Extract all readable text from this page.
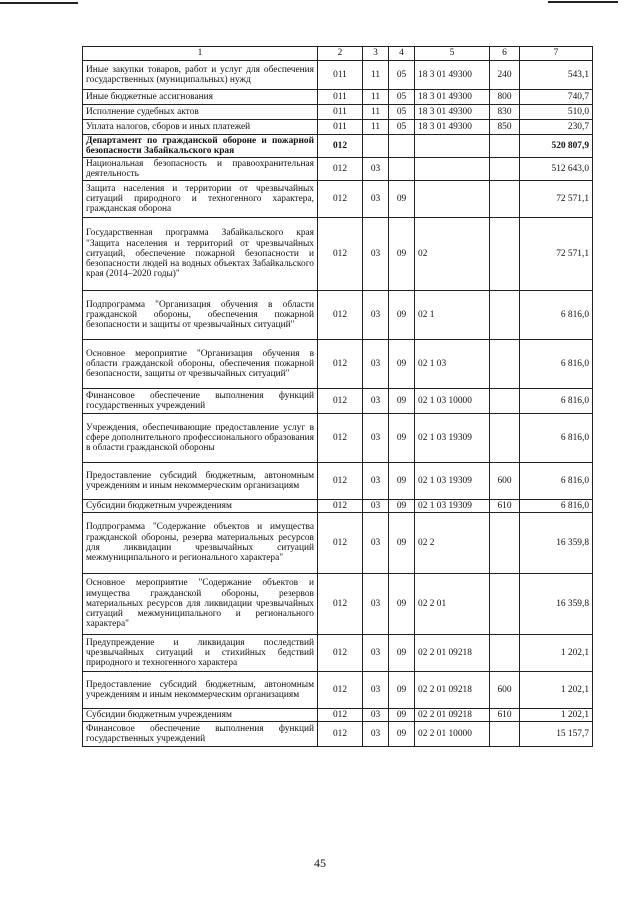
1	2	3	4	5	6	7
Иные закупки товаров, работ и услуг для обеспечения государственных (муниципальных) нужд	011	11	05	18 3 01 49300	240	543,1
Иные бюджетные ассигнования	011	11	05	18 3 01 49300	800	740,7
Исполнение судебных актов	011	11	05	18 3 01 49300	830	510,0
Уплата налогов, сборов и иных платежей	011	11	05	18 3 01 49300	850	230,7
Департамент по гражданской обороне и пожарной безопасности Забайкальского края	012					520 807,9
Национальная безопасность и правоохранительная деятельность	012	03				512 643,0
Защита населения и территории от чрезвычайных ситуаций природного и техногенного характера, гражданская оборона	012	03	09			72 571,1
Государственная программа Забайкальского края "Защита населения и территорий от чрезвычайных ситуаций, обеспечение пожарной безопасности и безопасности людей на водных объектах Забайкальского края (2014–2020 годы)"	012	03	09	02		72 571,1
Подпрограмма "Организация обучения в области гражданской обороны, обеспечения пожарной безопасности и защиты от чрезвычайных ситуаций"	012	03	09	02 1		6 816,0
Основное мероприятие "Организация обучения в области гражданской обороны, обеспечения пожарной безопасности, защиты от чрезвычайных ситуаций"	012	03	09	02 1 03		6 816,0
Финансовое обеспечение выполнения функций государственных учреждений	012	03	09	02 1 03 10000		6 816,0
Учреждения, обеспечивающие предоставление услуг в сфере дополнительного профессионального образования в области гражданской обороны	012	03	09	02 1 03 19309		6 816,0
Предоставление субсидий бюджетным, автономным учреждениям и иным некоммерческим организациям	012	03	09	02 1 03 19309	600	6 816,0
Субсидии бюджетным учреждениям	012	03	09	02 1 03 19309	610	6 816,0
Подпрограмма "Содержание объектов и имущества гражданской обороны, резерва материальных ресурсов для ликвидации чрезвычайных ситуаций межмуниципального и регионального характера"	012	03	09	02 2		16 359,8
Основное мероприятие "Содержание объектов и имущества гражданской обороны, резервов материальных ресурсов для ликвидации чрезвычайных ситуаций межмуниципального и регионального характера"	012	03	09	02 2 01		16 359,8
Предупреждение и ликвидация последствий чрезвычайных ситуаций и стихийных бедствий природного и техногенного характера	012	03	09	02 2 01 09218		1 202,1
Предоставление субсидий бюджетным, автономным учреждениям и иным некоммерческим организациям	012	03	09	02 2 01 09218	600	1 202,1
Субсидии бюджетным учреждениям	012	03	09	02 2 01 09218	610	1 202,1
Финансовое обеспечение выполнения функций государственных учреждений	012	03	09	02 2 01 10000		15 157,7
45
